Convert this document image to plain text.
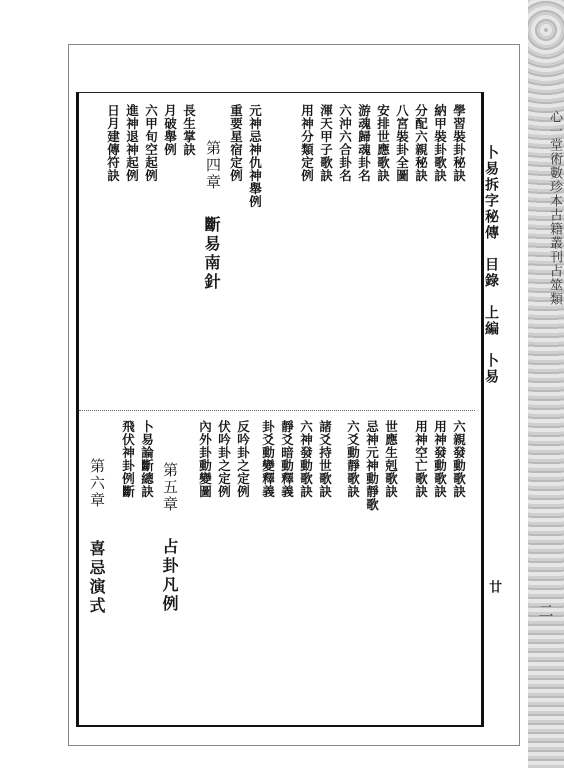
心一堂術數珍本古籍叢刊占筮類
二
卜易拆字秘傳　目錄　上編　卜易
廿
學習裝卦秘訣
納甲裝卦歌訣
分配六親秘訣
八宮裝卦全圖
安排世應歌訣
游魂歸魂卦名
六沖六合卦名
渾天甲子歌訣
用神分類定例
元神忌神仇神舉例
重要星宿定例
長生掌訣
月破舉例
六甲旬空起例
進神退神起例
日月建傳符訣	第四章
斷易南針
六親發動歌訣
用神發動歌訣
用神空亡歌訣
世應生剋歌訣
忌神元神動靜歌
六爻動靜歌訣
諸爻持世歌訣
六神發動歌訣
靜爻暗動釋義
卦爻動變釋義
反吟卦之定例
伏吟卦之定例
內外卦動變圖
卜易論斷總訣
飛伏神卦例斷 第五章
占卦凡例
第六章
喜忌演式
